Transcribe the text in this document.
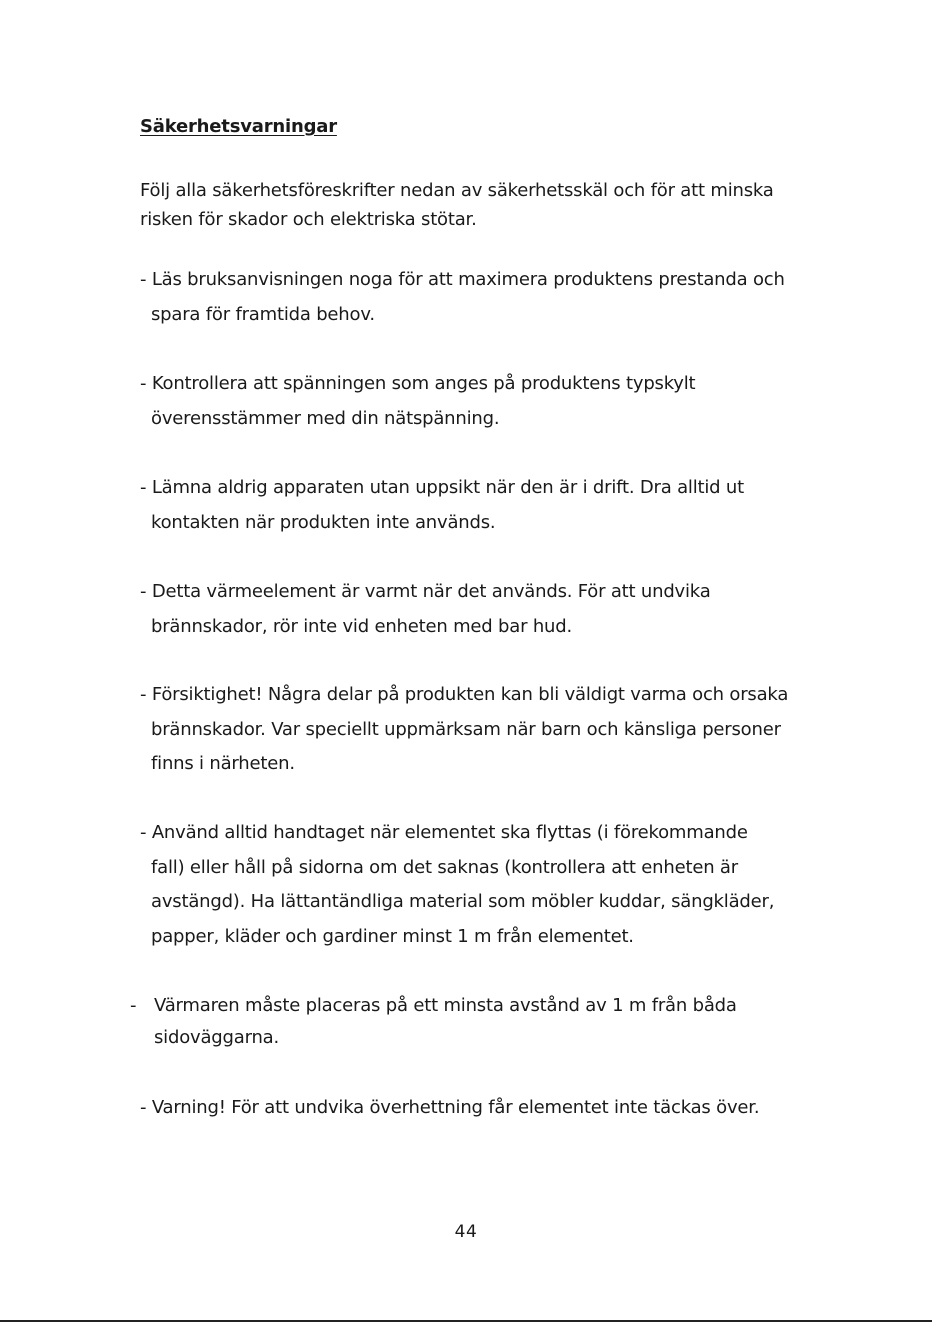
Säkerhetsvarningar
Följ alla säkerhetsföreskrifter nedan av säkerhetsskäl och för att minska
risken för skador och elektriska stötar.
- Läs bruksanvisningen noga för att maximera produktens prestanda och
spara för framtida behov.
- Kontrollera att spänningen som anges på produktens typskylt
överensstämmer med din nätspänning.
- Lämna aldrig apparaten utan uppsikt när den är i drift. Dra alltid ut
kontakten när produkten inte används.
- Detta värmeelement är varmt när det används. För att undvika
brännskador, rör inte vid enheten med bar hud.
- Försiktighet! Några delar på produkten kan bli väldigt varma och orsaka
brännskador. Var speciellt uppmärksam när barn och känsliga personer
finns i närheten.
- Använd alltid handtaget när elementet ska flyttas (i förekommande
fall) eller håll på sidorna om det saknas (kontrollera att enheten är
avstängd). Ha lättantändliga material som möbler kuddar, sängkläder,
papper, kläder och gardiner minst 1 m från elementet.
- Värmaren måste placeras på ett minsta avstånd av 1 m från båda
sidoväggarna.
- Varning! För att undvika överhettning får elementet inte täckas över.
44
